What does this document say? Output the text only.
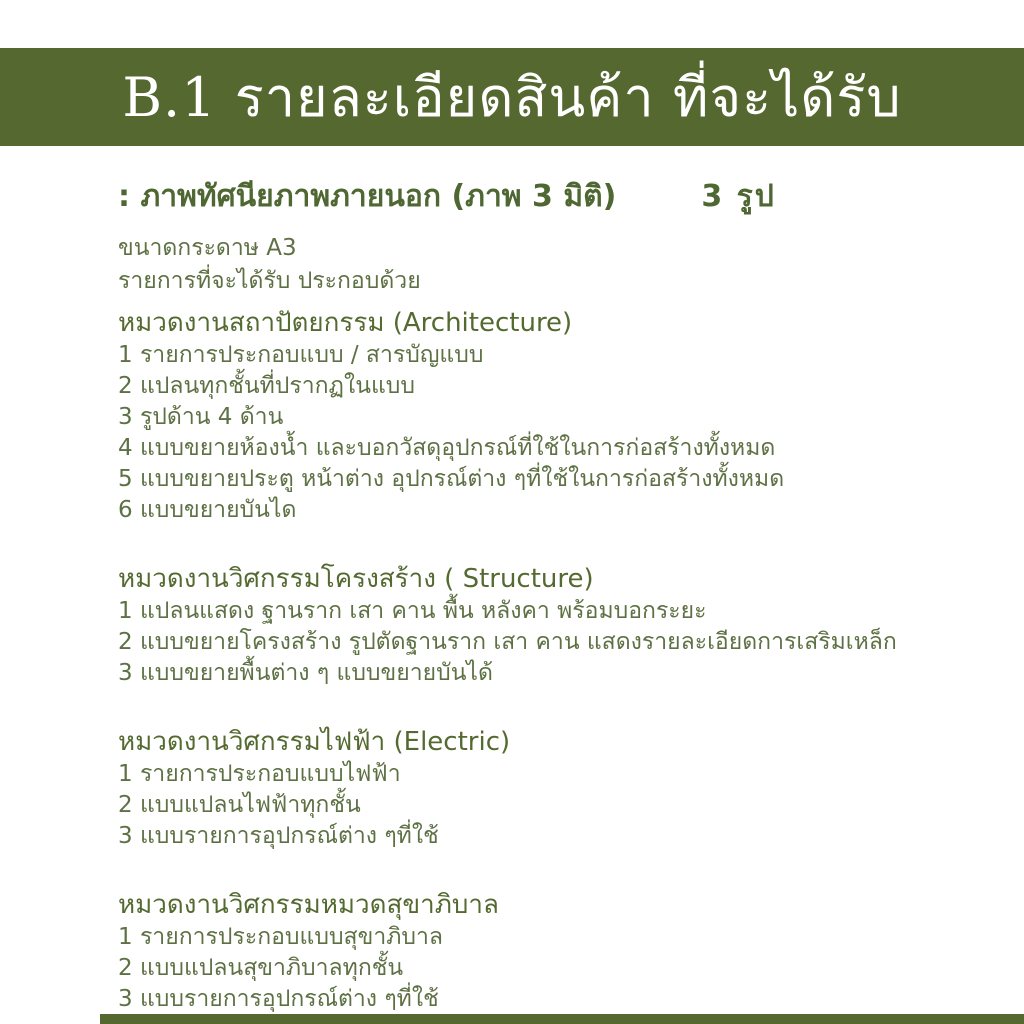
B.1 รายละเอียดสินค้า ที่จะได้รับ
: ภาพทัศนียภาพภายนอก (ภาพ 3 มิติ)	3 รูป
ขนาดกระดาษ A3
รายการที่จะได้รับ ประกอบด้วย
หมวดงานสถาปัตยกรรม (Architecture)
1 รายการประกอบแบบ / สารบัญแบบ
2 แปลนทุกชั้นที่ปรากฏในแบบ
3 รูปด้าน 4 ด้าน
4 แบบขยายห้องน้ำ และบอกวัสดุอุปกรณ์ที่ใช้ในการก่อสร้างทั้งหมด
5 แบบขยายประตู หน้าต่าง อุปกรณ์ต่าง ๆที่ใช้ในการก่อสร้างทั้งหมด
6 แบบขยายบันได
หมวดงานวิศกรรมโครงสร้าง ( Structure)
1 แปลนแสดง ฐานราก เสา คาน พื้น หลังคา พร้อมบอกระยะ
2 แบบขยายโครงสร้าง รูปตัดฐานราก เสา คาน แสดงรายละเอียดการเสริมเหล็ก
3 แบบขยายพื้นต่าง ๆ แบบขยายบันได้
หมวดงานวิศกรรมไฟฟ้า (Electric)
1 รายการประกอบแบบไฟฟ้า
2 แบบแปลนไฟฟ้าทุกชั้น
3 แบบรายการอุปกรณ์ต่าง ๆที่ใช้
หมวดงานวิศกรรมหมวดสุขาภิบาล
1 รายการประกอบแบบสุขาภิบาล
2 แบบแปลนสุขาภิบาลทุกชั้น
3 แบบรายการอุปกรณ์ต่าง ๆที่ใช้
